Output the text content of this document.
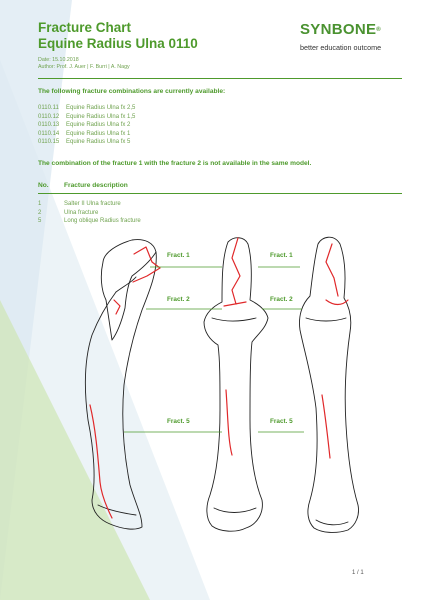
Fracture Chart
Equine Radius Ulna 0110
Date: 15.10.2018
Author: Prof. J. Auer | F. Burri | A. Nagy
SYNBONE®
better education outcome
The following fracture combinations are currently available:
0110.11 Equine Radius Ulna fx 2,5
0110.12 Equine Radius Ulna fx 1,5
0110.13 Equine Radius Ulna fx 2
0110.14 Equine Radius Ulna fx 1
0110.15 Equine Radius Ulna fx 5
The combination of the fracture 1 with the fracture 2 is not available in the same model.
No. Fracture description
1	Salter II Ulna fracture
2	Ulna fracture
5	Long oblique Radius fracture
Fract. 1	Fract. 1
Fract. 2	Fract. 2
Fract. 5	Fract. 5
1 / 1
